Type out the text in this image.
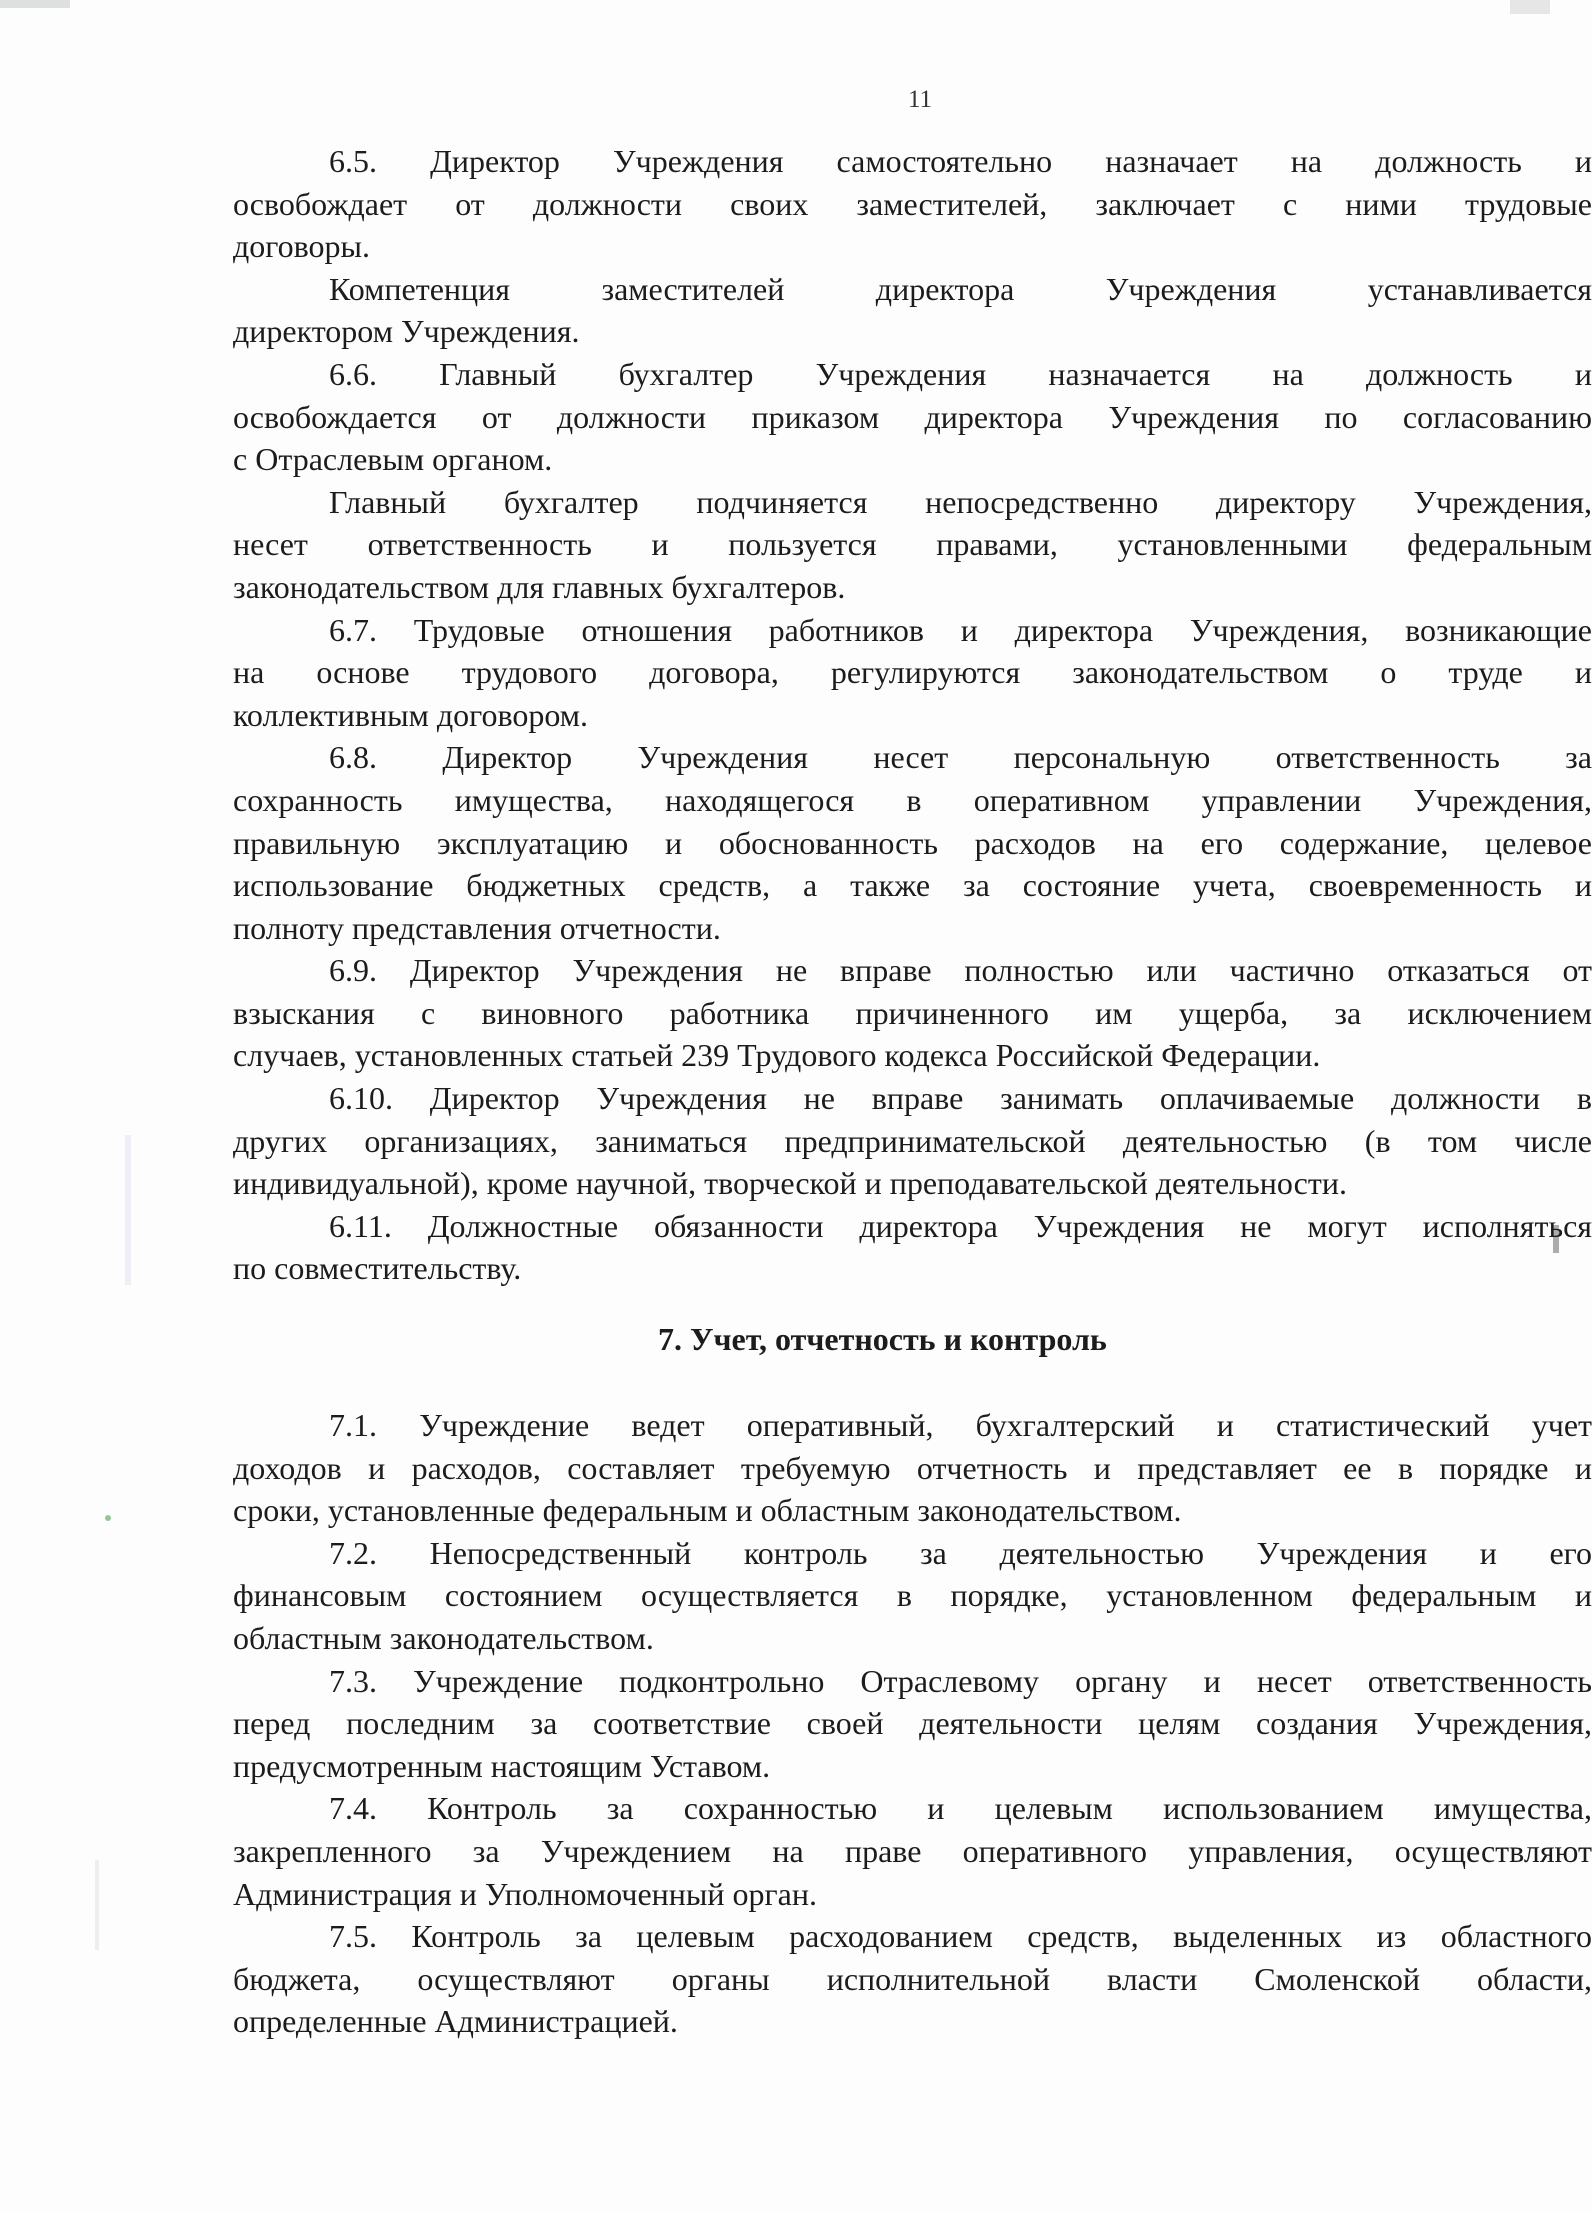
11
6.5. Директор Учреждения самостоятельно назначает на должность и
освобождает от должности своих заместителей, заключает с ними трудовые
договоры.
Компетенция заместителей директора Учреждения устанавливается
директором Учреждения.
6.6. Главный бухгалтер Учреждения назначается на должность и
освобождается от должности приказом директора Учреждения по согласованию
с Отраслевым органом.
Главный бухгалтер подчиняется непосредственно директору Учреждения,
несет ответственность и пользуется правами, установленными федеральным
законодательством для главных бухгалтеров.
6.7. Трудовые отношения работников и директора Учреждения, возникающие
на основе трудового договора, регулируются законодательством о труде и
коллективным договором.
6.8. Директор Учреждения несет персональную ответственность за
сохранность имущества, находящегося в оперативном управлении Учреждения,
правильную эксплуатацию и обоснованность расходов на его содержание, целевое
использование бюджетных средств, а также за состояние учета, своевременность и
полноту представления отчетности.
6.9. Директор Учреждения не вправе полностью или частично отказаться от
взыскания с виновного работника причиненного им ущерба, за исключением
случаев, установленных статьей 239 Трудового кодекса Российской Федерации.
6.10. Директор Учреждения не вправе занимать оплачиваемые должности в
других организациях, заниматься предпринимательской деятельностью (в том числе
индивидуальной), кроме научной, творческой и преподавательской деятельности.
6.11. Должностные обязанности директора Учреждения не могут исполняться
по совместительству.
7. Учет, отчетность и контроль
7.1. Учреждение ведет оперативный, бухгалтерский и статистический учет
доходов и расходов, составляет требуемую отчетность и представляет ее в порядке и
сроки, установленные федеральным и областным законодательством.
7.2. Непосредственный контроль за деятельностью Учреждения и его
финансовым состоянием осуществляется в порядке, установленном федеральным и
областным законодательством.
7.3. Учреждение подконтрольно Отраслевому органу и несет ответственность
перед последним за соответствие своей деятельности целям создания Учреждения,
предусмотренным настоящим Уставом.
7.4. Контроль за сохранностью и целевым использованием имущества,
закрепленного за Учреждением на праве оперативного управления, осуществляют
Администрация и Уполномоченный орган.
7.5. Контроль за целевым расходованием средств, выделенных из областного
бюджета, осуществляют органы исполнительной власти Смоленской области,
определенные Администрацией.
